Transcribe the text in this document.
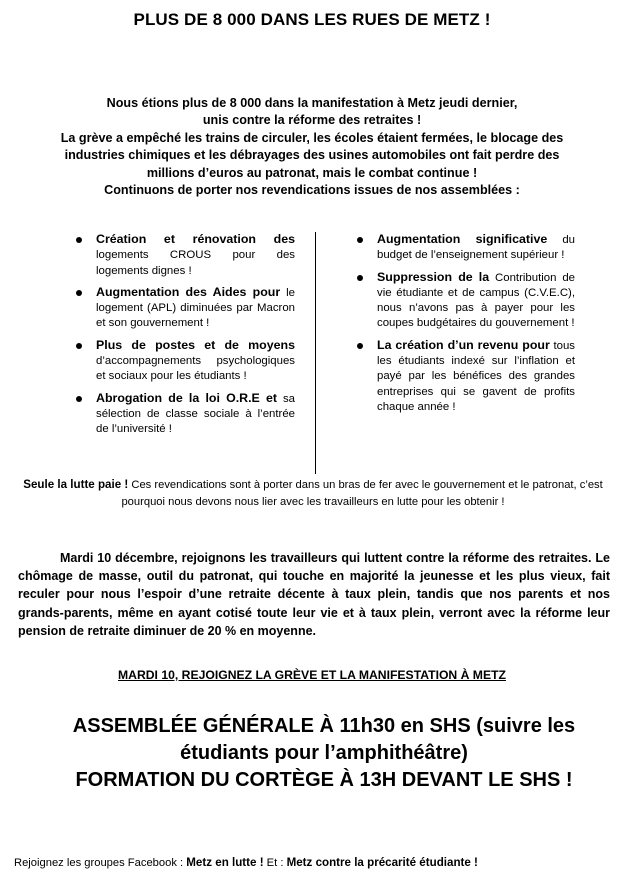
PLUS DE 8 000 DANS LES RUES DE METZ !

Nous étions plus de 8 000 dans la manifestation à Metz jeudi dernier, unis contre la réforme des retraites !

La grève a empêché les trains de circuler, les écoles étaient fermées, le blocage des industries chimiques et les débrayages des usines automobiles ont fait perdre des millions d’euros au patronat, mais le combat continue !

Continuons de porter nos revendications issues de nos assemblées :

Création et rénovation des logements CROUS pour des logements dignes !
Augmentation des Aides pour le logement (APL) diminuées par Macron et son gouvernement !
Plus de postes et de moyens d’accompagnements psychologiques et sociaux pour les étudiants !
Abrogation de la loi O.R.E et sa sélection de classe sociale à l’entrée de l’université !
Augmentation significative du budget de l’enseignement supérieur !
Suppression de la Contribution de vie étudiante et de campus (C.V.E.C), nous n’avons pas à payer pour les coupes budgétaires du gouvernement !
La création d’un revenu pour tous les étudiants indexé sur l’inflation et payé par les bénéfices des grandes entreprises qui se gavent de profits chaque année !
Seule la lutte paie ! Ces revendications sont à porter dans un bras de fer avec le gouvernement et le patronat, c’est pourquoi nous devons nous lier avec les travailleurs en lutte pour les obtenir !

Mardi 10 décembre, rejoignons les travailleurs qui luttent contre la réforme des retraites. Le chômage de masse, outil du patronat, qui touche en majorité la jeunesse et les plus vieux, fait reculer pour nous l’espoir d’une retraite décente à taux plein, tandis que nos parents et nos grands-parents, même en ayant cotisé toute leur vie et à taux plein, verront avec la réforme leur pension de retraite diminuer de 20 % en moyenne.

MARDI 10, REJOIGNEZ LA GRÈVE ET LA MANIFESTATION À METZ

ASSEMBLÉE GÉNÉRALE À 11h30 en SHS (suivre les

étudiants pour l’amphithéâtre)

FORMATION DU CORTÈGE À 13H DEVANT LE SHS !

Rejoignez les groupes Facebook : Metz en lutte ! Et : Metz contre la précarité étudiante !
